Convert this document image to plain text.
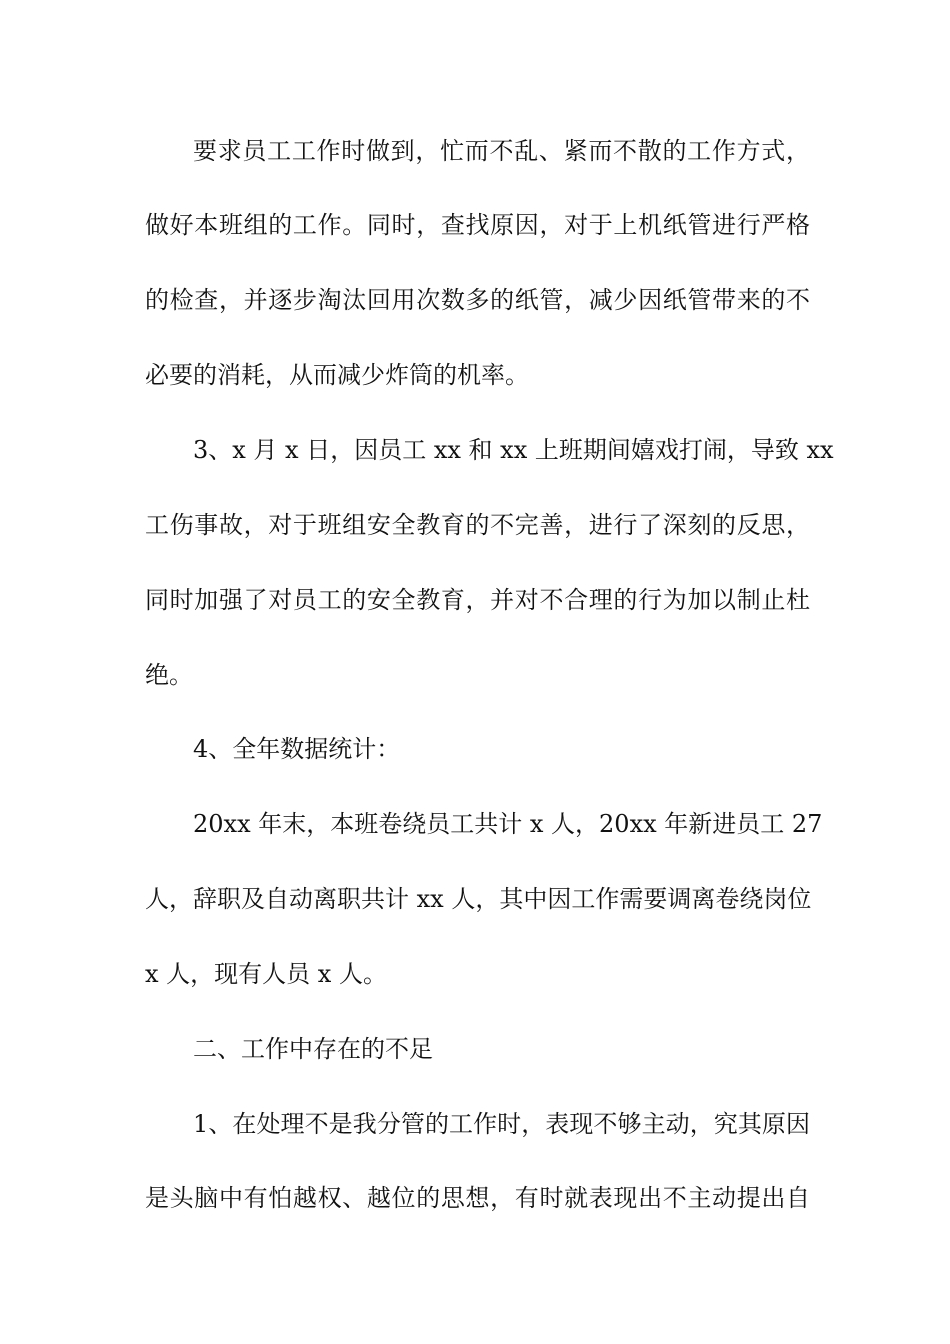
要求员工工作时做到，忙而不乱、紧而不散的工作方式，
做好本班组的工作。同时，查找原因，对于上机纸管进行严格
的检查，并逐步淘汰回用次数多的纸管，减少因纸管带来的不
必要的消耗，从而减少炸筒的机率。
3、x 月 x 日，因员工 xx 和 xx 上班期间嬉戏打闹，导致 xx
工伤事故，对于班组安全教育的不完善，进行了深刻的反思，
同时加强了对员工的安全教育，并对不合理的行为加以制止杜
绝。
4、全年数据统计：
20xx 年末，本班卷绕员工共计 x 人，20xx 年新进员工 27
人，辞职及自动离职共计 xx 人，其中因工作需要调离卷绕岗位
x 人，现有人员 x 人。
二、工作中存在的不足
1、在处理不是我分管的工作时，表现不够主动，究其原因
是头脑中有怕越权、越位的思想，有时就表现出不主动提出自
